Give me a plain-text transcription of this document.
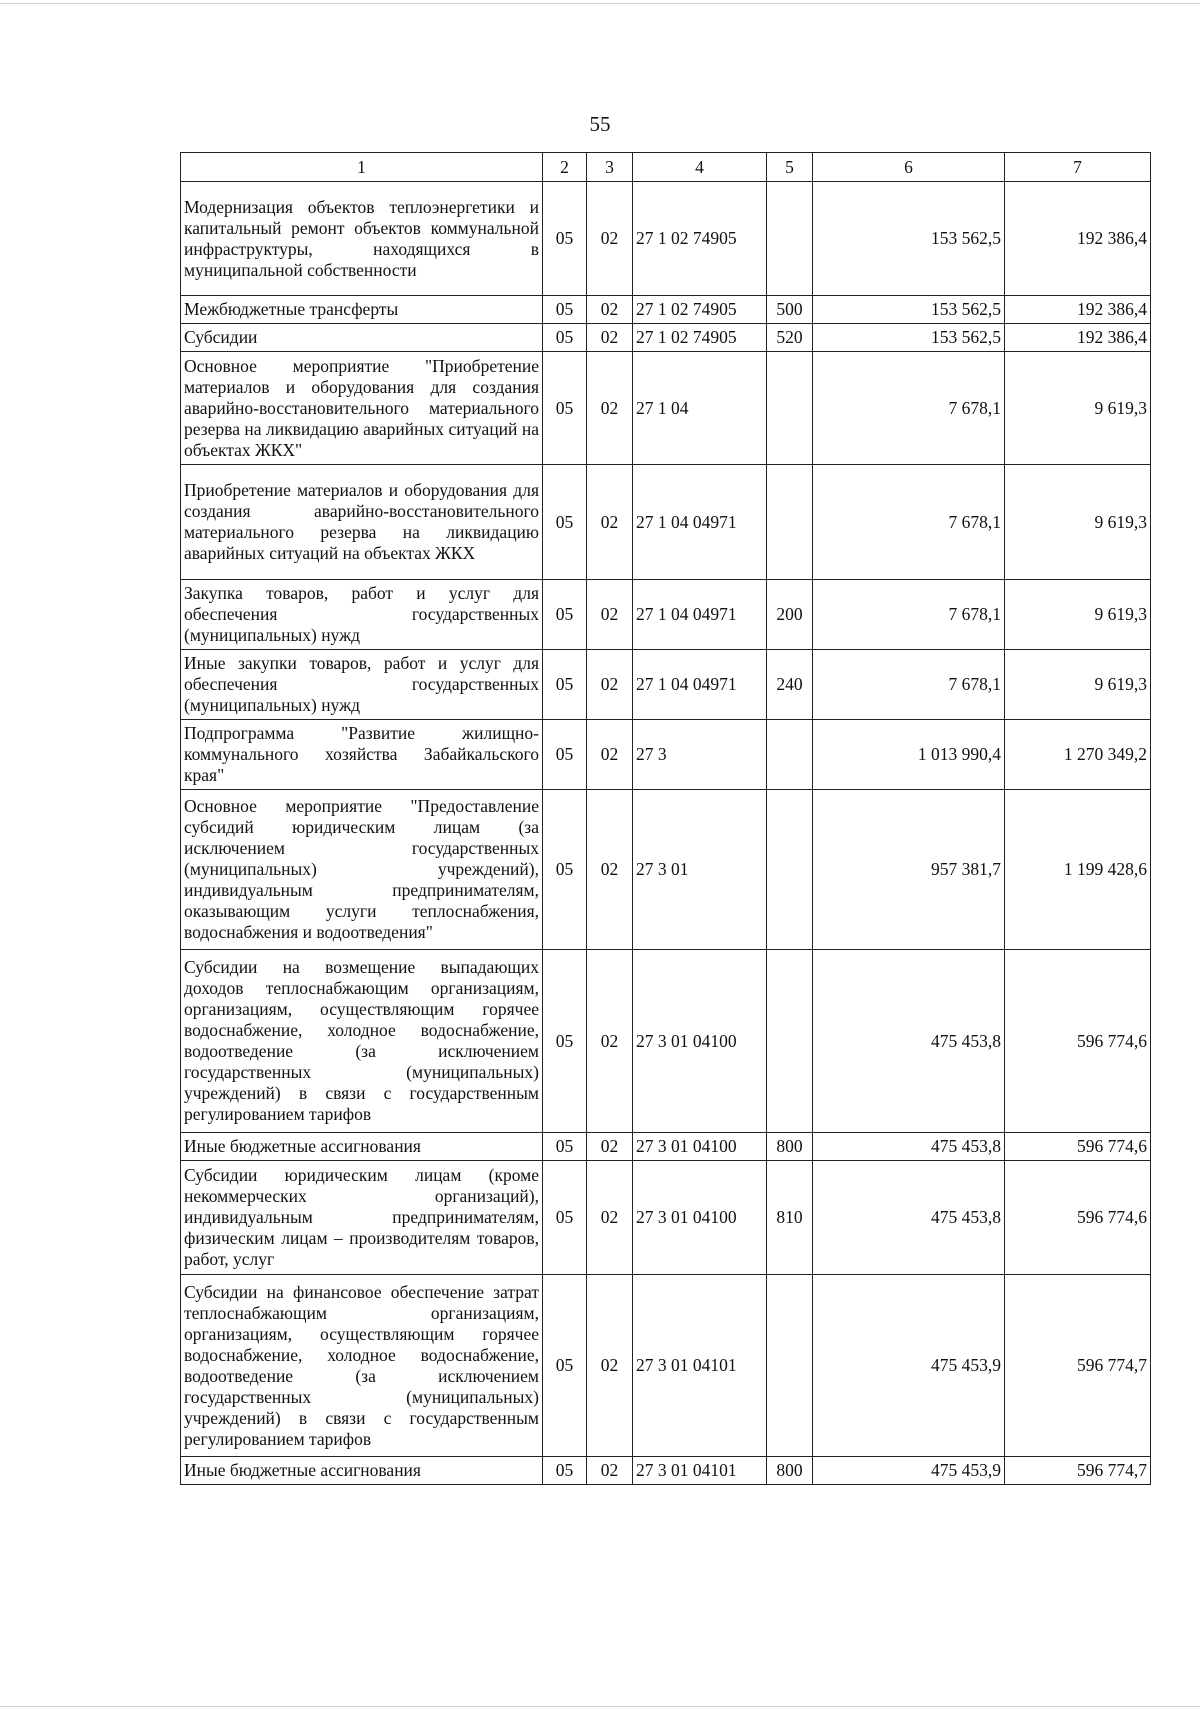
55
1	2	3	4	5	6	7
Модернизация объектов теплоэнергетики и капитальный ремонт объектов коммунальной инфраструктуры, находящихся в муниципальной собственности	05	02	27 1 02 74905		153 562,5	192 386,4
Межбюджетные трансферты	05	02	27 1 02 74905	500	153 562,5	192 386,4
Субсидии	05	02	27 1 02 74905	520	153 562,5	192 386,4
Основное мероприятие "Приобретение материалов и оборудования для создания аварийно-восстановительного материального резерва на ликвидацию аварийных ситуаций на объектах ЖКХ"	05	02	27 1 04		7 678,1	9 619,3
Приобретение материалов и оборудования для создания аварийно-восстановительного материального резерва на ликвидацию аварийных ситуаций на объектах ЖКХ	05	02	27 1 04 04971		7 678,1	9 619,3
Закупка товаров, работ и услуг для обеспечения государственных (муниципальных) нужд	05	02	27 1 04 04971	200	7 678,1	9 619,3
Иные закупки товаров, работ и услуг для обеспечения государственных (муниципальных) нужд	05	02	27 1 04 04971	240	7 678,1	9 619,3
Подпрограмма "Развитие жилищно-коммунального хозяйства Забайкальского края"	05	02	27 3		1 013 990,4	1 270 349,2
Основное мероприятие "Предоставление субсидий юридическим лицам (за исключением государственных (муниципальных) учреждений), индивидуальным предпринимателям, оказывающим услуги теплоснабжения, водоснабжения и водоотведения"	05	02	27 3 01		957 381,7	1 199 428,6
Субсидии на возмещение выпадающих доходов теплоснабжающим организациям, организациям, осуществляющим горячее водоснабжение, холодное водоснабжение, водоотведение (за исключением государственных (муниципальных) учреждений) в связи с государственным регулированием тарифов	05	02	27 3 01 04100		475 453,8	596 774,6
Иные бюджетные ассигнования	05	02	27 3 01 04100	800	475 453,8	596 774,6
Субсидии юридическим лицам (кроме некоммерческих организаций), индивидуальным предпринимателям, физическим лицам – производителям товаров, работ, услуг	05	02	27 3 01 04100	810	475 453,8	596 774,6
Субсидии на финансовое обеспечение затрат теплоснабжающим организациям, организациям, осуществляющим горячее водоснабжение, холодное водоснабжение, водоотведение (за исключением государственных (муниципальных) учреждений) в связи с государственным регулированием тарифов	05	02	27 3 01 04101		475 453,9	596 774,7
Иные бюджетные ассигнования	05	02	27 3 01 04101	800	475 453,9	596 774,7
